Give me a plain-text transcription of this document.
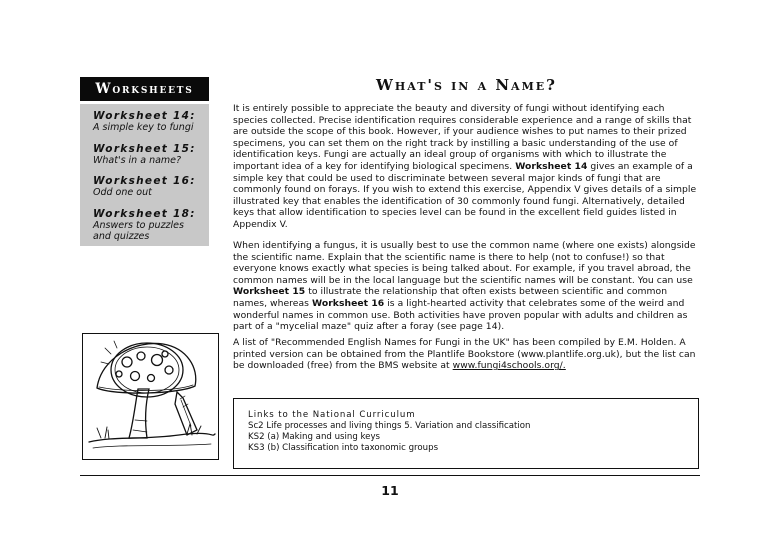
Worksheets
Worksheet 14:
A simple key to fungi
Worksheet 15:
What's in a name?
Worksheet 16:
Odd one out
Worksheet 18:
Answers to puzzles and quizzes
What's in a Name?

It is entirely possible to appreciate the beauty and diversity of fungi without identifying each species collected. Precise identification requires considerable experience and a range of skills that are outside the scope of this book. However, if your audience wishes to put names to their prized specimens, you can set them on the right track by instilling a basic understanding of the use of identification keys. Fungi are actually an ideal group of organisms with which to illustrate the important idea of a key for identifying biological specimens. Worksheet 14 gives an example of a simple key that could be used to discriminate between several major kinds of fungi that are commonly found on forays. If you wish to extend this exercise, Appendix V gives details of a simple illustrated key that enables the identification of 30 commonly found fungi. Alternatively, detailed keys that allow identification to species level can be found in the excellent field guides listed in Appendix V.

When identifying a fungus, it is usually best to use the common name (where one exists) alongside the scientific name. Explain that the scientific name is there to help (not to confuse!) so that everyone knows exactly what species is being talked about. For example, if you travel abroad, the common names will be in the local language but the scientific names will be constant. You can use Worksheet 15 to illustrate the relationship that often exists between scientific and common names, whereas Worksheet 16 is a light-hearted activity that celebrates some of the weird and wonderful names in common use. Both activities have proven popular with adults and children as part of a "mycelial maze" quiz after a foray (see page 14).

A list of "Recommended English Names for Fungi in the UK" has been compiled by E.M. Holden. A printed version can be obtained from the Plantlife Bookstore (www.plantlife.org.uk), but the list can be downloaded (free) from the BMS website at www.fungi4schools.org/.

Links to the National Curriculum
Sc2 Life processes and living things 5. Variation and classification
KS2 (a) Making and using keys
KS3 (b) Classification into taxonomic groups
11
